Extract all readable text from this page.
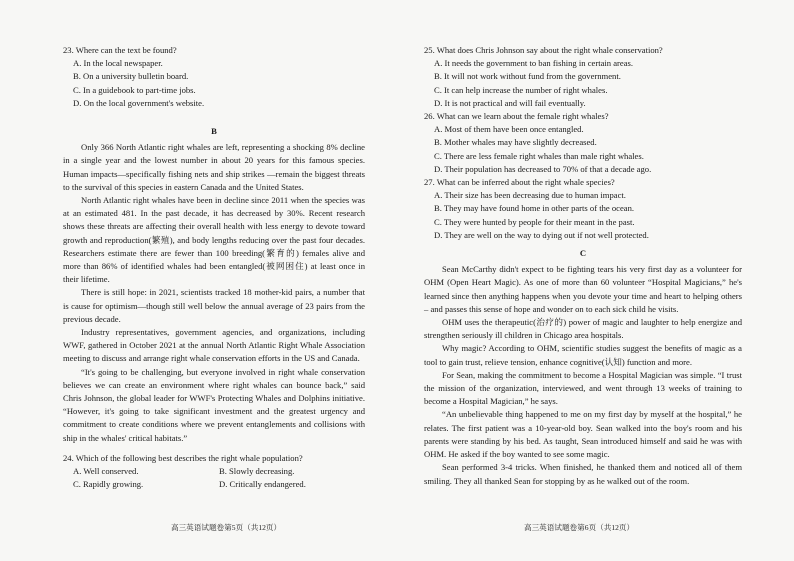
23. Where can the text be found?

A. In the local newspaper.

B. On a university bulletin board.

C. In a guidebook to part-time jobs.

D. On the local government's website.

B

Only 366 North Atlantic right whales are left, representing a shocking 8% decline in a single year and the lowest number in about 20 years for this famous species. Human impacts—specifically fishing nets and ship strikes —remain the biggest threats to the survival of this species in eastern Canada and the United States.

North Atlantic right whales have been in decline since 2011 when the species was at an estimated 481. In the past decade, it has decreased by 30%. Recent research shows these threats are affecting their overall health with less energy to devote toward growth and reproduction(繁殖), and body lengths reducing over the past four decades. Researchers estimate there are fewer than 100 breeding(繁育的) females alive and more than 86% of identified whales had been entangled(被网困住) at least once in their lifetime.

There is still hope: in 2021, scientists tracked 18 mother-kid pairs, a number that is cause for optimism—though still well below the annual average of 23 pairs from the previous decade.

Industry representatives, government agencies, and organizations, including WWF, gathered in October 2021 at the annual North Atlantic Right Whale Association meeting to discuss and arrange right whale conservation efforts in the US and Canada.

“It's going to be challenging, but everyone involved in right whale conservation believes we can create an environment where right whales can bounce back,” said Chris Johnson, the global leader for WWF's Protecting Whales and Dolphins initiative. “However, it's going to take significant investment and the greatest urgency and commitment to create conditions where we prevent entanglements and collisions with ship in the whales' critical habitats.”

24. Which of the following best describes the right whale population?

A. Well conserved.	B. Slowly decreasing.
C. Rapidly growing.	D. Critically endangered.

25. What does Chris Johnson say about the right whale conservation?

A. It needs the government to ban fishing in certain areas.

B. It will not work without fund from the government.

C. It can help increase the number of right whales.

D. It is not practical and will fail eventually.

26. What can we learn about the female right whales?

A. Most of them have been once entangled.

B. Mother whales may have slightly decreased.

C. There are less female right whales than male right whales.

D. Their population has decreased to 70% of that a decade ago.

27. What can be inferred about the right whale species?

A. Their size has been decreasing due to human impact.

B. They may have found home in other parts of the ocean.

C. They were hunted by people for their meant in the past.

D. They are well on the way to dying out if not well protected.

C

Sean McCarthy didn't expect to be fighting tears his very first day as a volunteer for OHM (Open Heart Magic). As one of more than 60 volunteer “Hospital Magicians,” he's learned since then anything happens when you devote your time and heart to helping others – and passes this sense of hope and wonder on to each sick child he visits.

OHM uses the therapeutic(治疗的) power of magic and laughter to help energize and strengthen seriously ill children in Chicago area hospitals.

Why magic? According to OHM, scientific studies suggest the benefits of magic as a tool to gain trust, relieve tension, enhance cognitive(认知) function and more.

For Sean, making the commitment to become a Hospital Magician was simple. “I trust the mission of the organization, interviewed, and went through 13 weeks of training to become a Hospital Magician,” he says.

“An unbelievable thing happened to me on my first day by myself at the hospital,” he relates. The first patient was a 10-year-old boy. Sean walked into the boy's room and his parents were standing by his bed. As taught, Sean introduced himself and said he was with OHM. He asked if the boy wanted to see some magic.

Sean performed 3-4 tricks. When finished, he thanked them and noticed all of them smiling. They all thanked Sean for stopping by as he walked out of the room.

高三英语试题卷第5页（共12页）	高三英语试题卷第6页（共12页）
